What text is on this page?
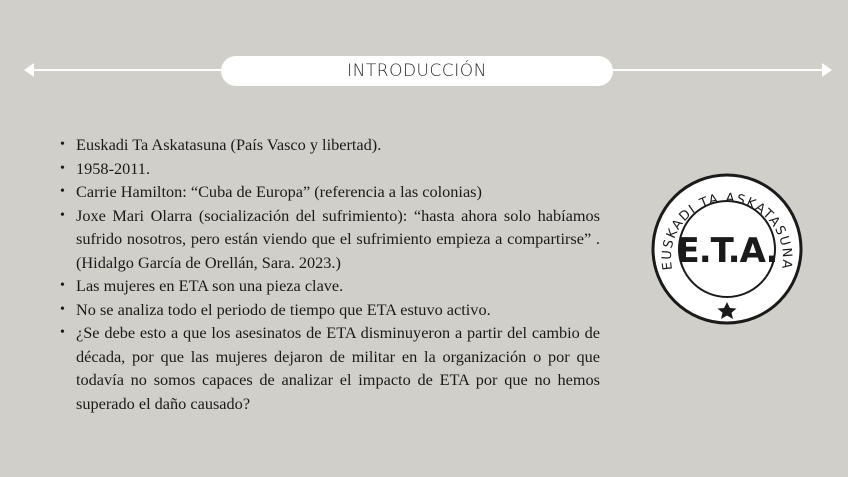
INTRODUCCIÓN
• Euskadi Ta Askatasuna (País Vasco y libertad).
• 1958-2011.
• Carrie Hamilton: “Cuba de Europa” (referencia a las colonias)
• Joxe Mari Olarra (socialización del sufrimiento): “hasta ahora solo habíamos sufrido nosotros, pero están viendo que el sufrimiento empieza a compartirse” . (Hidalgo García de Orellán, Sara. 2023.)
• Las mujeres en ETA son una pieza clave.
• No se analiza todo el periodo de tiempo que ETA estuvo activo.
• ¿Se debe esto a que los asesinatos de ETA disminuyeron a partir del cambio de década, por que las mujeres dejaron de militar en la organización o por que todavía no somos capaces de analizar el impacto de ETA por que no hemos superado el daño causado?
EUSKADI TA ASKATASUNA
E.T.A.
